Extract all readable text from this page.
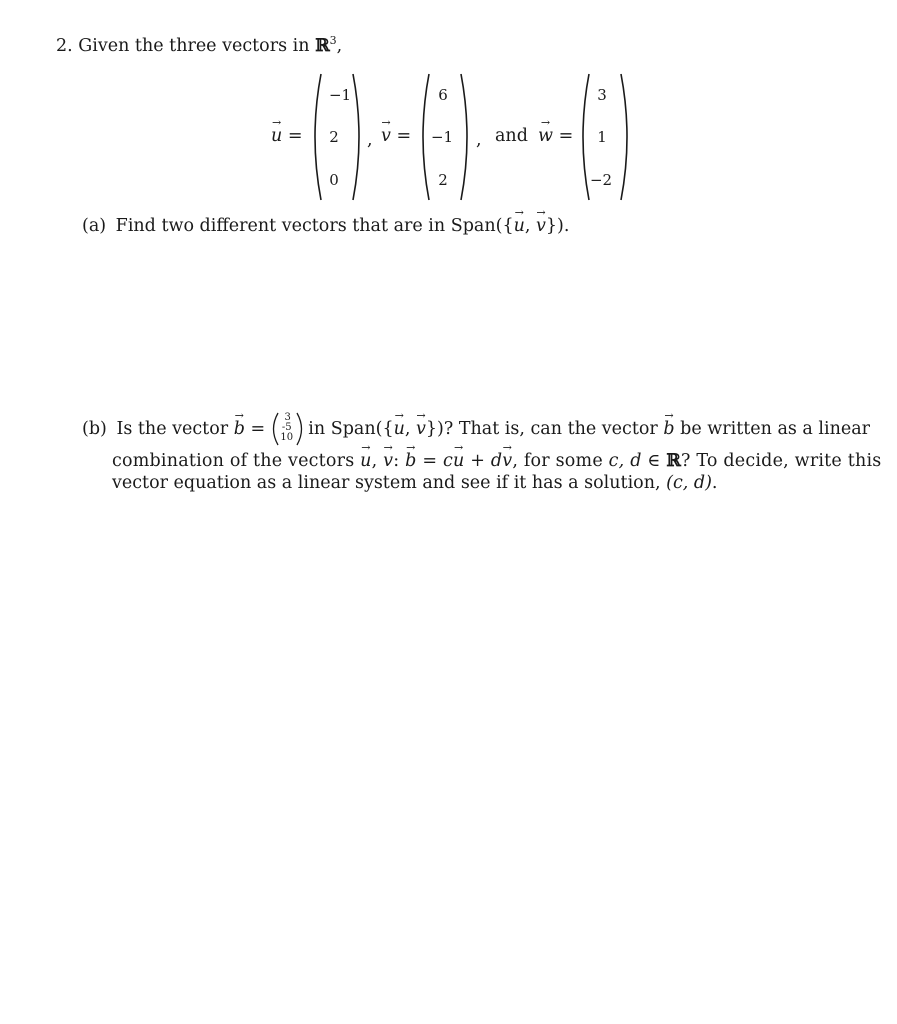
2. Given the three vectors in ℝ$^3$,
→
u =
−1
2
0
,
→
v =
6
−1
2
, and
→
w =
3
1
−2
(a) Find two different vectors that are in Span({
→
u,
→
v}).
(b) Is the vector
→
b =
3
-5
10 in Span({
→
u,
→
v})? That is, can the vector
→
b be written as a linear
combination of the vectors
→
u,
→
v:
→
b = c
→
u + d
→
v, for some c, d ∈ ℝ? To decide, write this
vector equation as a linear system and see if it has a solution, (c, d).
